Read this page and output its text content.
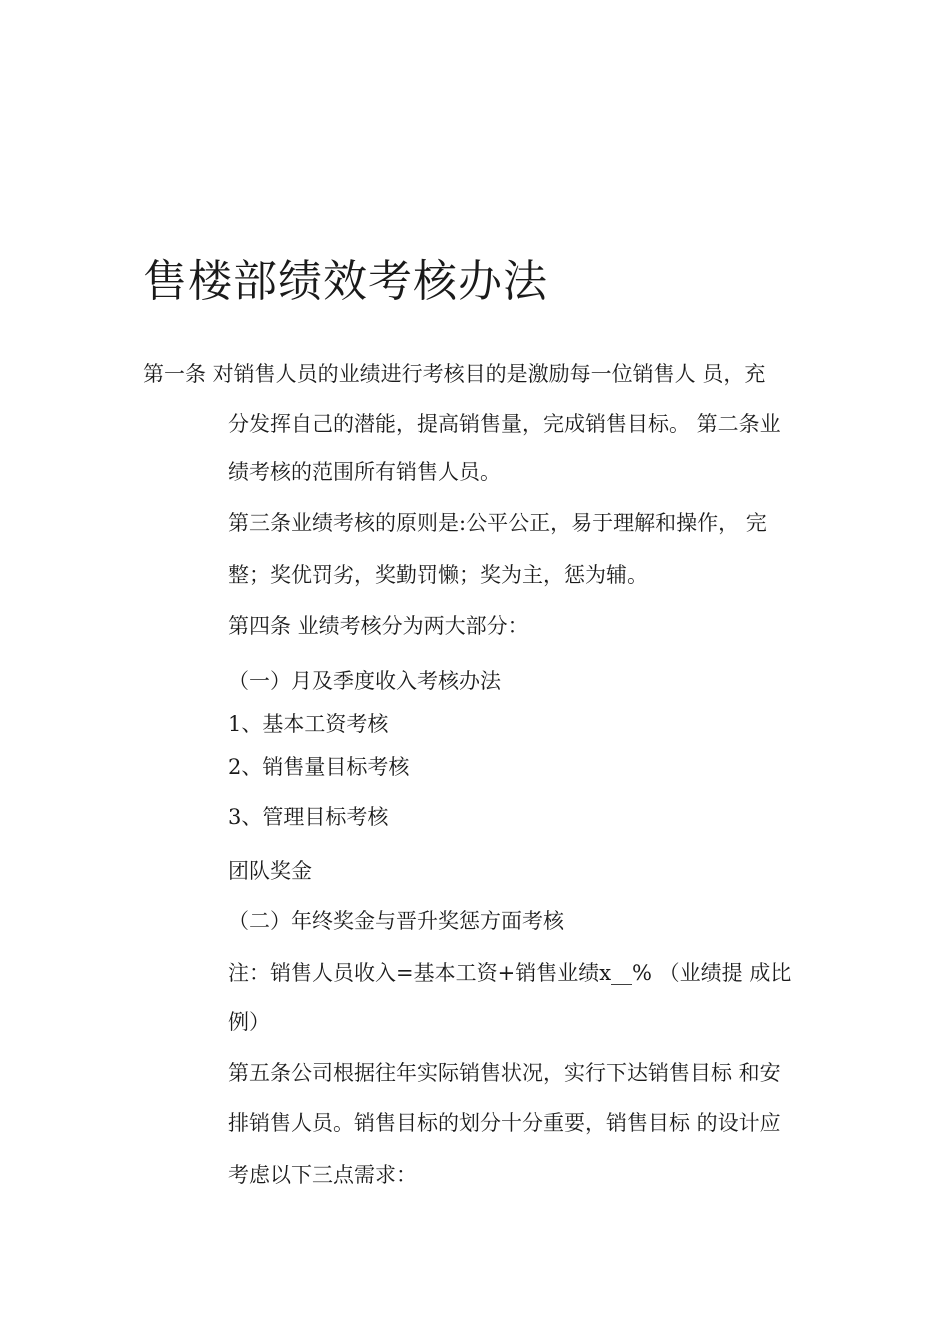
售楼部绩效考核办法
第一条 对销售人员的业绩进行考核目的是激励每一位销售人 员，充
分发挥自己的潜能，提高销售量，完成销售目标。 第二条业
绩考核的范围所有销售人员。
第三条业绩考核的原则是:公平公正，易于理解和操作， 完
整；奖优罚劣，奖勤罚懒；奖为主，惩为辅。
第四条 业绩考核分为两大部分：
（一）月及季度收入考核办法
1、基本工资考核
2、销售量目标考核
3、管理目标考核
团队奖金
（二）年终奖金与晋升奖惩方面考核
注：销售人员收入=基本工资+销售业绩x__% （业绩提 成比
例）
第五条公司根据往年实际销售状况，实行下达销售目标 和安
排销售人员。销售目标的划分十分重要，销售目标 的设计应
考虑以下三点需求：
